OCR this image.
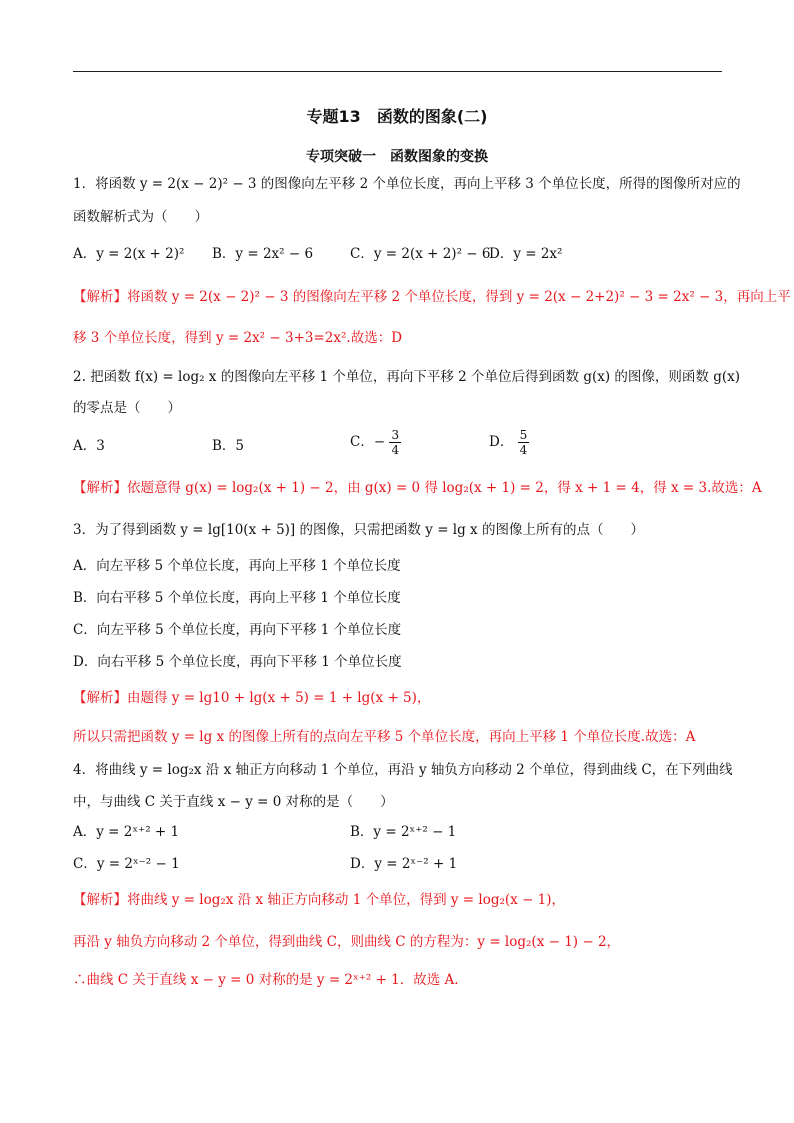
专题13　函数的图象(二)
专项突破一　函数图象的变换
1．将函数 y = 2(x − 2)² − 3 的图像向左平移 2 个单位长度，再向上平移 3 个单位长度，所得的图像所对应的
函数解析式为（　　）
A．y = 2(x + 2)² B．y = 2x² − 6	C．y = 2(x + 2)² − 6
D．y = 2x²
【解析】将函数 y = 2(x − 2)² − 3 的图像向左平移 2 个单位长度，得到 y = 2(x − 2+2)² − 3 = 2x² − 3，再向上平
移 3 个单位长度，得到 y = 2x² − 3+3=2x².故选：D
2. 把函数 f(x) = log₂ x 的图像向左平移 1 个单位，再向下平移 2 个单位后得到函数 g(x) 的图像，则函数 g(x)
的零点是（　　）
A．3	B．5	C．− $\frac{3}{4}$	D． $\frac{5}{4}$
【解析】依题意得 g(x) = log₂(x + 1) − 2，由 g(x) = 0 得 log₂(x + 1) = 2，得 x + 1 = 4，得 x = 3.故选：A
3．为了得到函数 y = lg[10(x + 5)] 的图像，只需把函数 y = lg x 的图像上所有的点（　　）
A．向左平移 5 个单位长度，再向上平移 1 个单位长度
B．向右平移 5 个单位长度，再向上平移 1 个单位长度
C．向左平移 5 个单位长度，再向下平移 1 个单位长度
D．向右平移 5 个单位长度，再向下平移 1 个单位长度
【解析】由题得 y = lg10 + lg(x + 5) = 1 + lg(x + 5)，
所以只需把函数 y = lg x 的图像上所有的点向左平移 5 个单位长度，再向上平移 1 个单位长度.故选：A
4．将曲线 y = log₂x 沿 x 轴正方向移动 1 个单位，再沿 y 轴负方向移动 2 个单位，得到曲线 C，在下列曲线
中，与曲线 C 关于直线 x − y = 0 对称的是（　　）
A．y = 2ˣ⁺² + 1	B．y = 2ˣ⁺² − 1
C．y = 2ˣ⁻² − 1	D．y = 2ˣ⁻² + 1
【解析】将曲线 y = log₂x 沿 x 轴正方向移动 1 个单位，得到 y = log₂(x − 1)，
再沿 y 轴负方向移动 2 个单位，得到曲线 C，则曲线 C 的方程为：y = log₂(x − 1) − 2，
∴曲线 C 关于直线 x − y = 0 对称的是 y = 2ˣ⁺² + 1．故选 A.
